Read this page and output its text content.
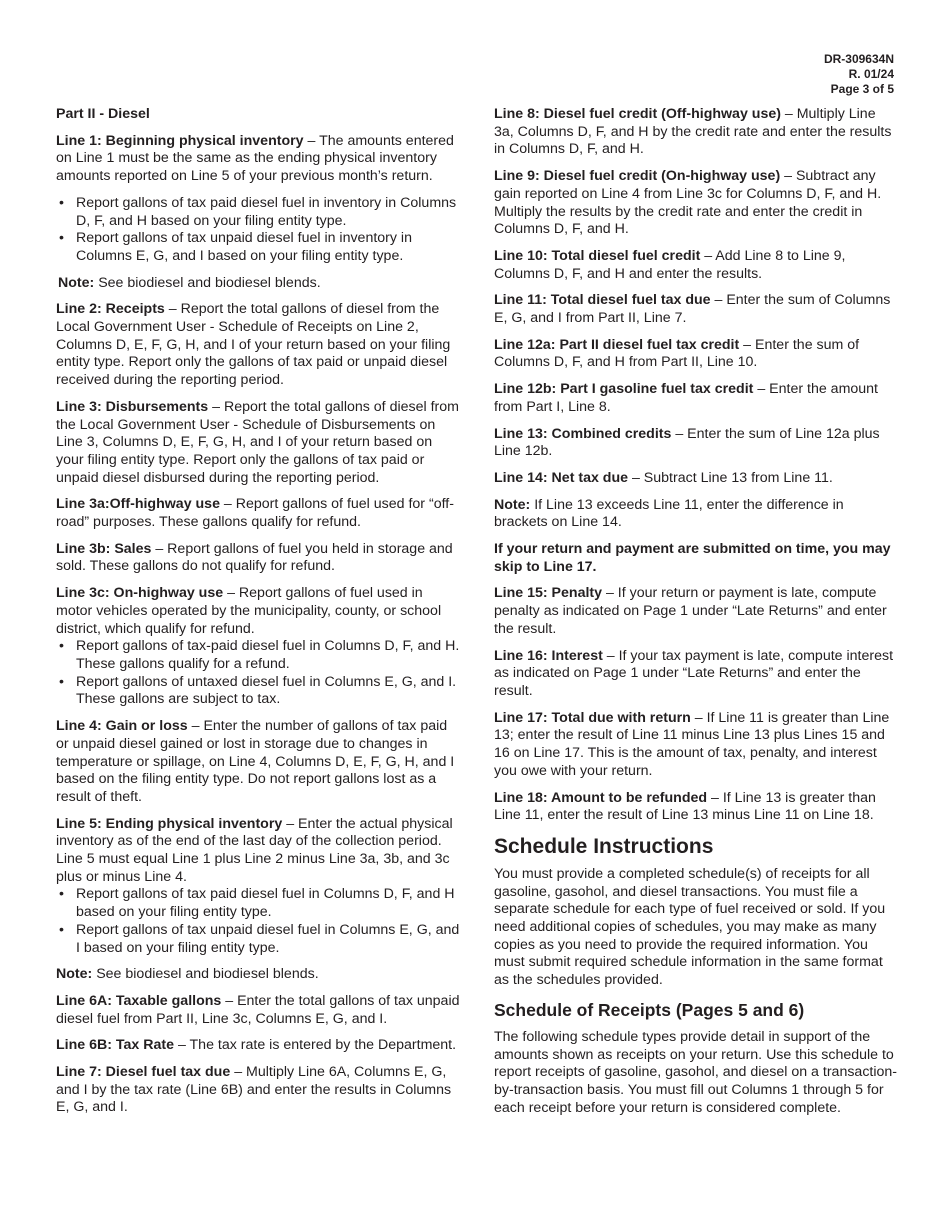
DR-309634N
R. 01/24
Page 3 of 5

Part II - Diesel

Line 1: Beginning physical inventory – The amounts entered on Line 1 must be the same as the ending physical inventory amounts reported on Line 5 of your previous month’s return.

• Report gallons of tax paid diesel fuel in inventory in Columns D, F, and H based on your filing entity type.
• Report gallons of tax unpaid diesel fuel in inventory in Columns E, G, and I based on your filing entity type.

Note: See biodiesel and biodiesel blends.

Line 2: Receipts – Report the total gallons of diesel from the Local Government User - Schedule of Receipts on Line 2, Columns D, E, F, G, H, and I of your return based on your filing entity type. Report only the gallons of tax paid or unpaid diesel received during the reporting period.

Line 3: Disbursements – Report the total gallons of diesel from the Local Government User - Schedule of Disbursements on Line 3, Columns D, E, F, G, H, and I of your return based on your filing entity type. Report only the gallons of tax paid or unpaid diesel disbursed during the reporting period.

Line 3a:Off-highway use – Report gallons of fuel used for “off-road” purposes. These gallons qualify for refund.

Line 3b: Sales – Report gallons of fuel you held in storage and sold. These gallons do not qualify for refund.

Line 3c: On-highway use – Report gallons of fuel used in motor vehicles operated by the municipality, county, or school district, which qualify for refund.

• Report gallons of tax-paid diesel fuel in Columns D, F, and H. These gallons qualify for a refund.
• Report gallons of untaxed diesel fuel in Columns E, G, and I. These gallons are subject to tax.

Line 4: Gain or loss – Enter the number of gallons of tax paid or unpaid diesel gained or lost in storage due to changes in temperature or spillage, on Line 4, Columns D, E, F, G, H, and I based on the filing entity type. Do not report gallons lost as a result of theft.

Line 5: Ending physical inventory – Enter the actual physical inventory as of the end of the last day of the collection period. Line 5 must equal Line 1 plus Line 2 minus Line 3a, 3b, and 3c plus or minus Line 4.

• Report gallons of tax paid diesel fuel in Columns D, F, and H based on your filing entity type.
• Report gallons of tax unpaid diesel fuel in Columns E, G, and I based on your filing entity type.

Note: See biodiesel and biodiesel blends.

Line 6A: Taxable gallons – Enter the total gallons of tax unpaid diesel fuel from Part II, Line 3c, Columns E, G, and I.

Line 6B: Tax Rate – The tax rate is entered by the Department.

Line 7: Diesel fuel tax due – Multiply Line 6A, Columns E, G, and I by the tax rate (Line 6B) and enter the results in Columns E, G, and I.

Line 8: Diesel fuel credit (Off-highway use) – Multiply Line 3a, Columns D, F, and H by the credit rate and enter the results in Columns D, F, and H.

Line 9: Diesel fuel credit (On-highway use) – Subtract any gain reported on Line 4 from Line 3c for Columns D, F, and H. Multiply the results by the credit rate and enter the credit in Columns D, F, and H.

Line 10: Total diesel fuel credit – Add Line 8 to Line 9, Columns D, F, and H and enter the results.

Line 11: Total diesel fuel tax due – Enter the sum of Columns E, G, and I from Part II, Line 7.

Line 12a: Part II diesel fuel tax credit – Enter the sum of Columns D, F, and H from Part II, Line 10.

Line 12b: Part I gasoline fuel tax credit – Enter the amount from Part I, Line 8.

Line 13: Combined credits – Enter the sum of Line 12a plus Line 12b.

Line 14: Net tax due – Subtract Line 13 from Line 11.

Note: If Line 13 exceeds Line 11, enter the difference in brackets on Line 14.

If your return and payment are submitted on time, you may skip to Line 17.

Line 15: Penalty – If your return or payment is late, compute penalty as indicated on Page 1 under “Late Returns” and enter the result.

Line 16: Interest – If your tax payment is late, compute interest as indicated on Page 1 under “Late Returns” and enter the result.

Line 17: Total due with return – If Line 11 is greater than Line 13; enter the result of Line 11 minus Line 13 plus Lines 15 and 16 on Line 17. This is the amount of tax, penalty, and interest you owe with your return.

Line 18: Amount to be refunded – If Line 13 is greater than Line 11, enter the result of Line 13 minus Line 11 on Line 18.

Schedule Instructions

You must provide a completed schedule(s) of receipts for all gasoline, gasohol, and diesel transactions. You must file a separate schedule for each type of fuel received or sold. If you need additional copies of schedules, you may make as many copies as you need to provide the required information. You must submit required schedule information in the same format as the schedules provided.

Schedule of Receipts (Pages 5 and 6)

The following schedule types provide detail in support of the amounts shown as receipts on your return. Use this schedule to report receipts of gasoline, gasohol, and diesel on a transaction-by-transaction basis. You must fill out Columns 1 through 5 for each receipt before your return is considered complete.
